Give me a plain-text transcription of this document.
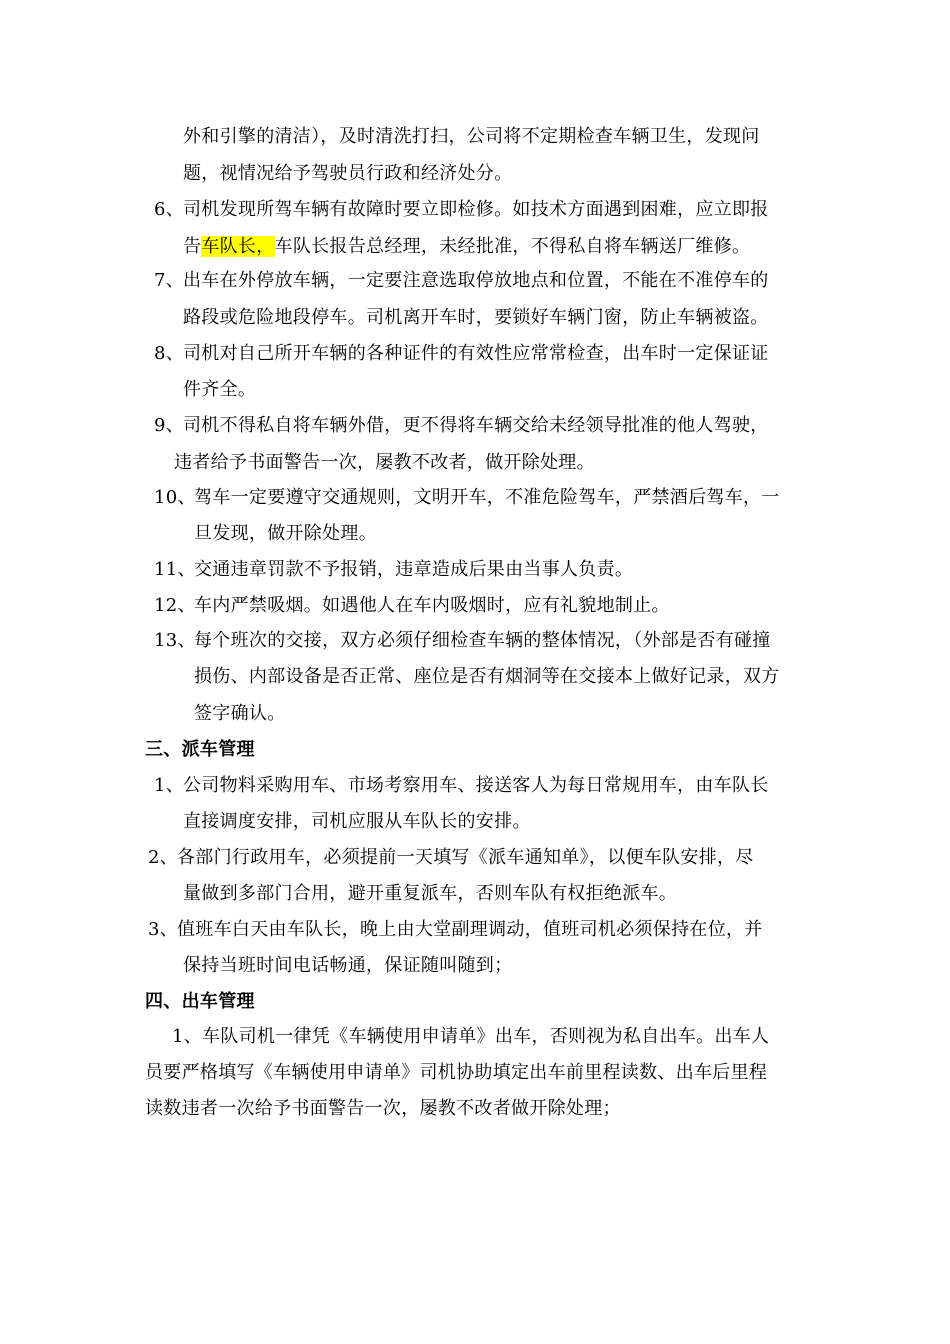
外和引擎的清洁），及时清洗打扫，公司将不定期检查车辆卫生，发现问
题，视情况给予驾驶员行政和经济处分。
6、
司机发现所驾车辆有故障时要立即检修。如技术方面遇到困难，应立即报
告车队长，车队长报告总经理，未经批准，不得私自将车辆送厂维修。
7、
出车在外停放车辆，一定要注意选取停放地点和位置，不能在不准停车的
路段或危险地段停车。司机离开车时，要锁好车辆门窗，防止车辆被盗。
8、
司机对自己所开车辆的各种证件的有效性应常常检查，出车时一定保证证
件齐全。
9、
司机不得私自将车辆外借，更不得将车辆交给未经领导批准的他人驾驶，
违者给予书面警告一次，屡教不改者，做开除处理。
10、
驾车一定要遵守交通规则，文明开车，不准危险驾车，严禁酒后驾车，一
旦发现，做开除处理。
11、
交通违章罚款不予报销，违章造成后果由当事人负责。
12、
车内严禁吸烟。如遇他人在车内吸烟时，应有礼貌地制止。
13、
每个班次的交接，双方必须仔细检查车辆的整体情况，（外部是否有碰撞
损伤、内部设备是否正常、座位是否有烟洞等在交接本上做好记录，双方
签字确认。
三、派车管理
1、
公司物料采购用车、市场考察用车、接送客人为每日常规用车，由车队长
直接调度安排，司机应服从车队长的安排。
2、
各部门行政用车，必须提前一天填写《派车通知单》，以便车队安排，尽
量做到多部门合用，避开重复派车，否则车队有权拒绝派车。
3、
值班车白天由车队长，晚上由大堂副理调动，值班司机必须保持在位，并
保持当班时间电话畅通，保证随叫随到；
四、出车管理
1、车队司机一律凭《车辆使用申请单》出车，否则视为私自出车。出车人
员要严格填写《车辆使用申请单》司机协助填定出车前里程读数、出车后里程
读数违者一次给予书面警告一次，屡教不改者做开除处理；
